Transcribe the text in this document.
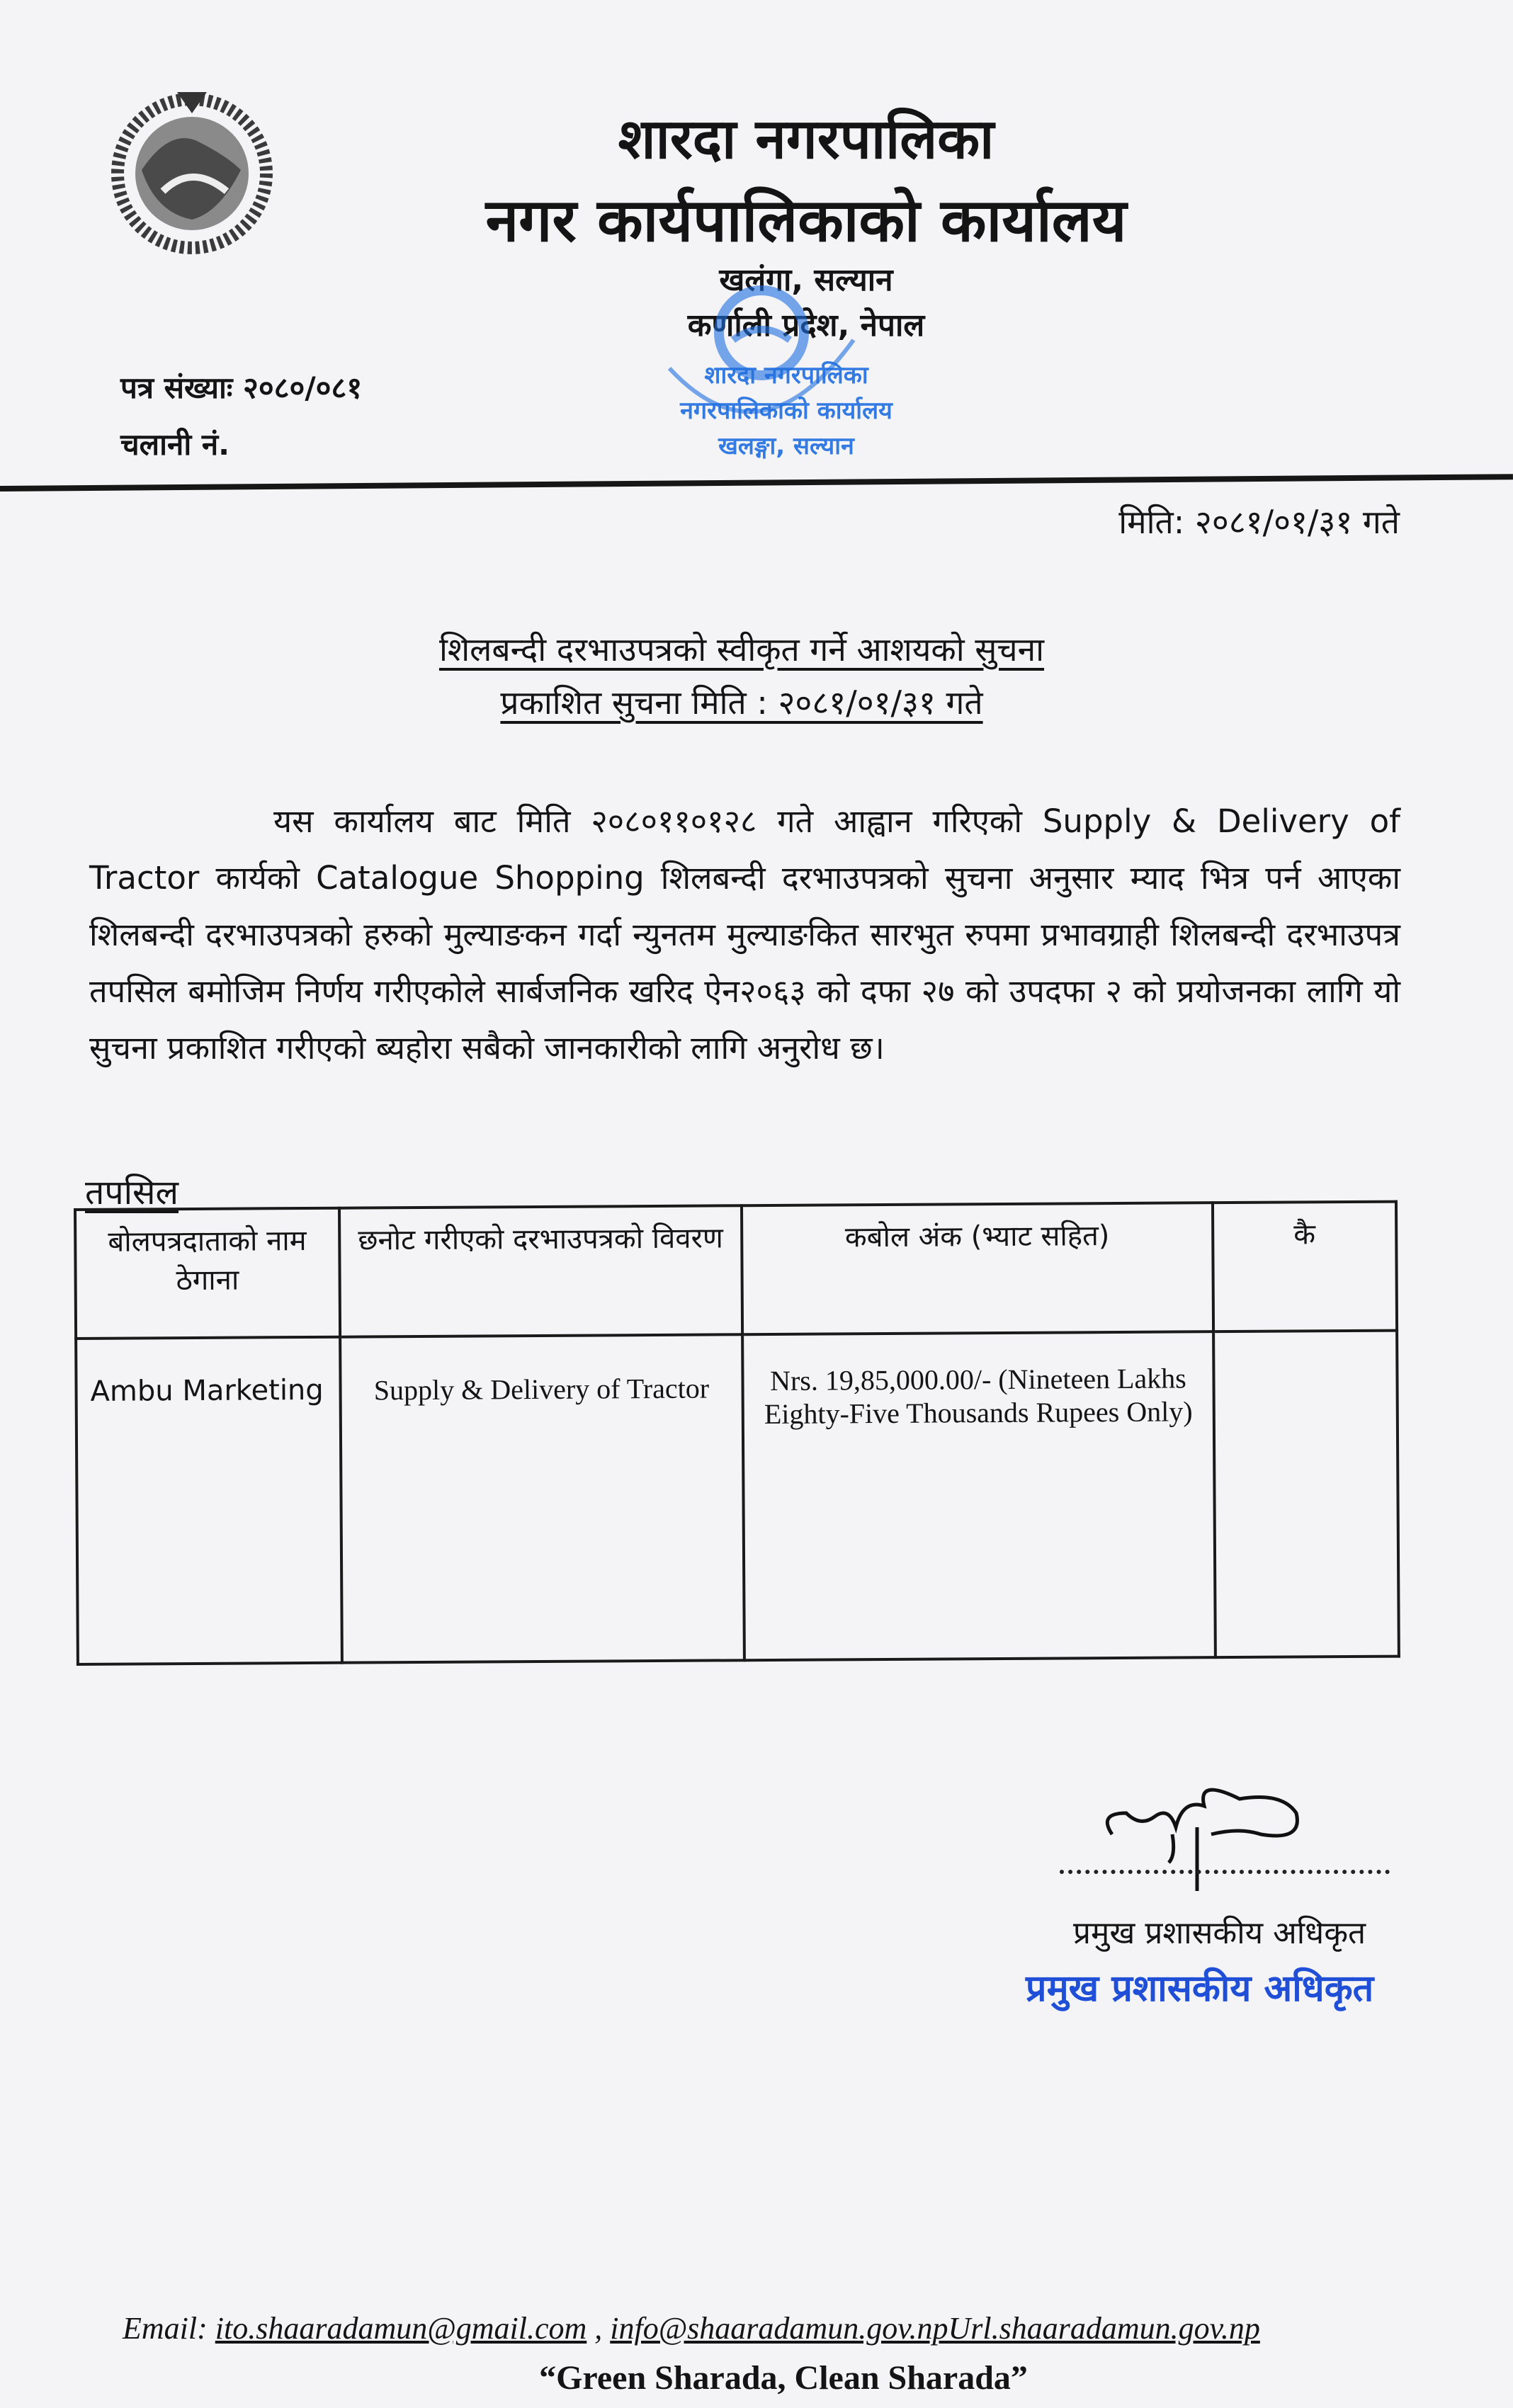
शारदा नगरपालिका
नगर कार्यपालिकाको कार्यालय
खलंगा, सल्यान
कर्णाली प्रदेश, नेपाल
शारदा नगरपालिका
नगरपालिकाको कार्यालय
खलङ्गा, सल्यान
पत्र संख्याः २०८०/०८१
चलानी नं.
मिति: २०८१/०१/३१ गते
शिलबन्दी दरभाउपत्रको स्वीकृत गर्ने आशयको सुचना
प्रकाशित सुचना मिति : २०८१/०१/३१ गते
यस कार्यालय बाट मिति २०८०११०१२८ गते आह्वान गरिएको Supply & Delivery of Tractor कार्यको Catalogue Shopping शिलबन्दी दरभाउपत्रको सुचना अनुसार म्याद भित्र पर्न आएका शिलबन्दी दरभाउपत्रको हरुको मुल्याङकन गर्दा न्युनतम मुल्याङकित सारभुत रुपमा प्रभावग्राही शिलबन्दी दरभाउपत्र तपसिल बमोजिम निर्णय गरीएकोले सार्बजनिक खरिद ऐन२०६३ को दफा २७ को उपदफा २ को प्रयोजनका लागि यो सुचना प्रकाशित गरीएको ब्यहोरा सबैको जानकारीको लागि अनुरोध छ।
तपसिल
बोलपत्रदाताको नाम ठेगाना	छनोट गरीएको दरभाउपत्रको विवरण	कबोल अंक (भ्याट सहित)	कै
Ambu Marketing	Supply & Delivery of Tractor	Nrs. 19,85,000.00/- (Nineteen Lakhs Eighty-Five Thousands Rupees Only)	
प्रमुख प्रशासकीय अधिकृत
प्रमुख प्रशासकीय अधिकृत
Email: ito.shaaradamun@gmail.com , info@shaaradamun.gov.npUrl.shaaradamun.gov.np
“Green Sharada, Clean Sharada”
